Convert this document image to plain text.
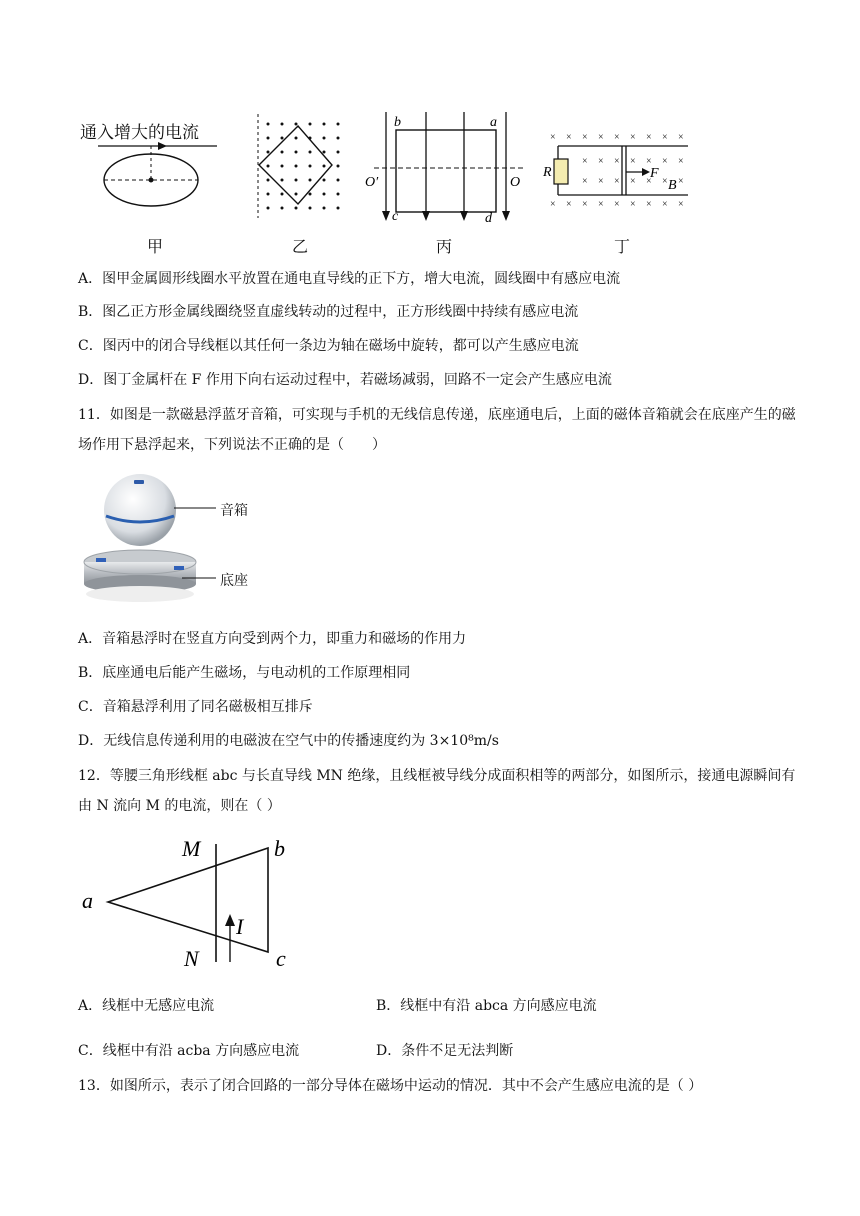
通入增大的电流
b	a
O′	O
c	d
× × × × × × × × ×
× × × × × × ×
× × × × × × ×
× × × × × × × × ×
R	F
B
甲	乙	丙	丁
A．图甲金属圆形线圈水平放置在通电直导线的正下方，增大电流，圆线圈中有感应电流
B．图乙正方形金属线圈绕竖直虚线转动的过程中，正方形线圈中持续有感应电流
C．图丙中的闭合导线框以其任何一条边为轴在磁场中旋转，都可以产生感应电流
D．图丁金属杆在 F 作用下向右运动过程中，若磁场减弱，回路不一定会产生感应电流
11．如图是一款磁悬浮蓝牙音箱，可实现与手机的无线信息传递，底座通电后，上面的磁体音箱就会在底座产生的磁场作用下悬浮起来，下列说法不正确的是（　　）
音箱
底座
A．音箱悬浮时在竖直方向受到两个力，即重力和磁场的作用力
B．底座通电后能产生磁场，与电动机的工作原理相同
C．音箱悬浮利用了同名磁极相互排斥
D．无线信息传递利用的电磁波在空气中的传播速度约为 3×10⁸m/s
12．等腰三角形线框 abc 与长直导线 MN 绝缘，且线框被导线分成面积相等的两部分，如图所示，接通电源瞬间有由 N 流向 M 的电流，则在（ ）
M	b
a
I
N	c
A．线框中无感应电流	B．线框中有沿 abca 方向感应电流
C．线框中有沿 acba 方向感应电流	D．条件不足无法判断
13．如图所示，表示了闭合回路的一部分导体在磁场中运动的情况．其中不会产生感应电流的是（ ）
